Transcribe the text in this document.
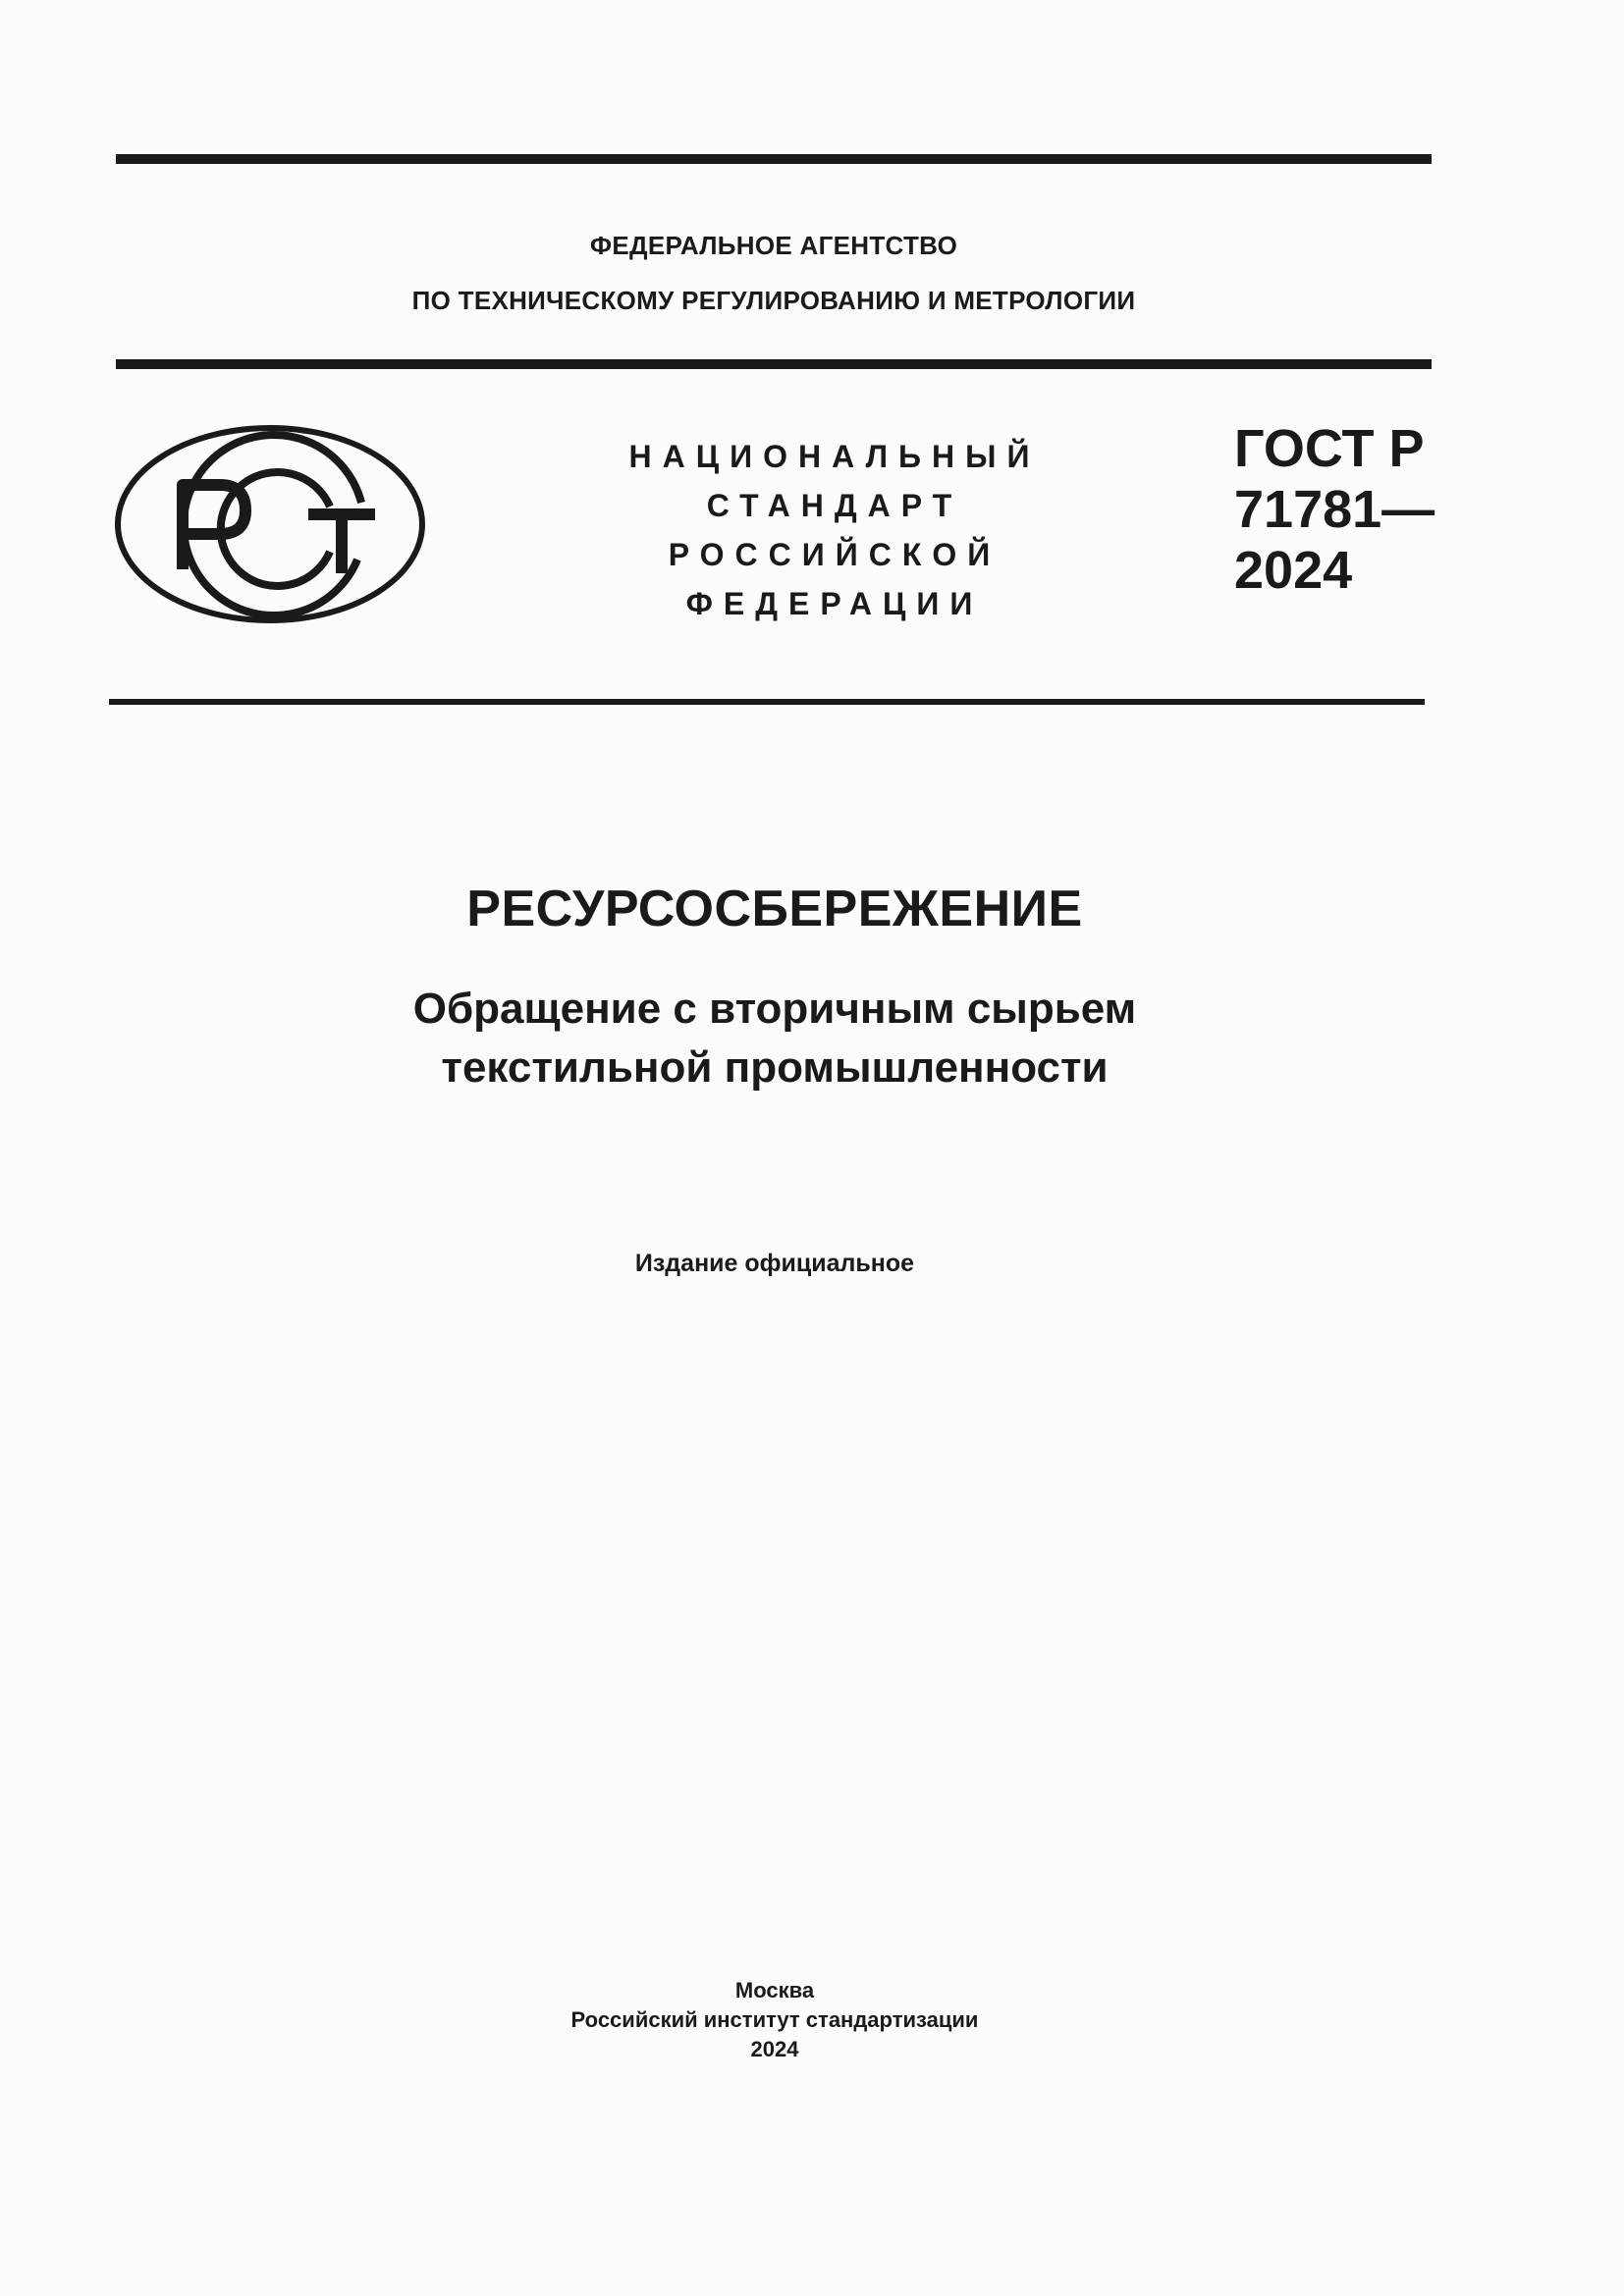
ФЕДЕРАЛЬНОЕ АГЕНТСТВО
ПО ТЕХНИЧЕСКОМУ РЕГУЛИРОВАНИЮ И МЕТРОЛОГИИ
НАЦИОНАЛЬНЫЙ
СТАНДАРТ
РОССИЙСКОЙ
ФЕДЕРАЦИИ
ГОСТ Р
71781—
2024
РЕСУРСОСБЕРЕЖЕНИЕ
Обращение с вторичным сырьем
текстильной промышленности
Издание официальное
Москва
Российский институт стандартизации
2024
